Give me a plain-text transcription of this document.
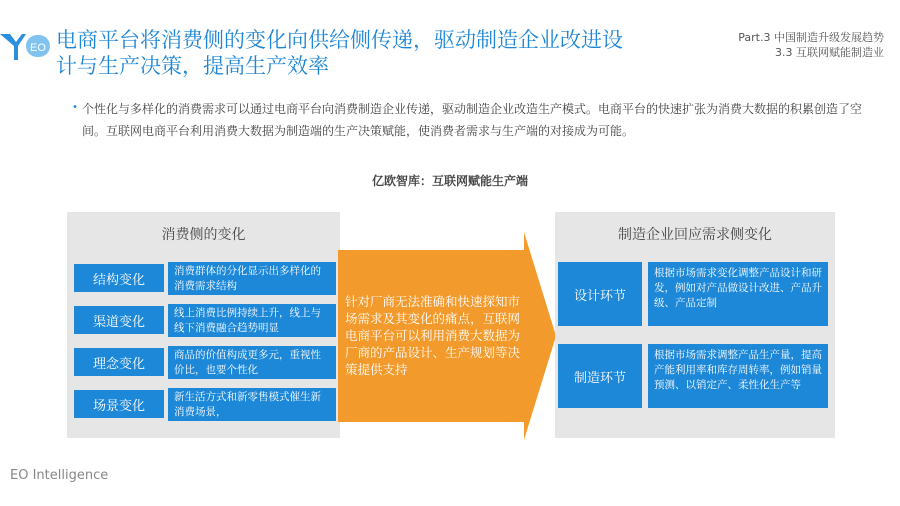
EO 电商平台将消费侧的变化向供给侧传递，驱动制造企业改进设
计与生产决策，提高生产效率
Part.3 中国制造升级发展趋势
3.3 互联网赋能制造业
• 个性化与多样化的消费需求可以通过电商平台向消费制造企业传递，驱动制造企业改造生产模式。电商平台的快速扩张为消费大数据的积累创造了空间。互联网电商平台利用消费大数据为制造端的生产决策赋能，使消费者需求与生产端的对接成为可能。

亿欧智库：互联网赋能生产端
消费侧的变化
结构变化
消费群体的分化显示出多样化的消费需求结构
渠道变化
线上消费比例持续上升，线上与线下消费融合趋势明显
理念变化
商品的价值构成更多元，重视性价比，也要个性化
场景变化
新生活方式和新零售模式催生新消费场景，

针对厂商无法准确和快速探知市场需求及其变化的痛点，互联网电商平台可以利用消费大数据为厂商的产品设计、生产规划等决策提供支持

制造企业回应需求侧变化
设计环节
根据市场需求变化调整产品设计和研发，例如对产品做设计改进、产品升级、产品定制
制造环节
根据市场需求调整产品生产量，提高产能利用率和库存周转率，例如销量预测、以销定产、柔性化生产等
EO Intelligence
